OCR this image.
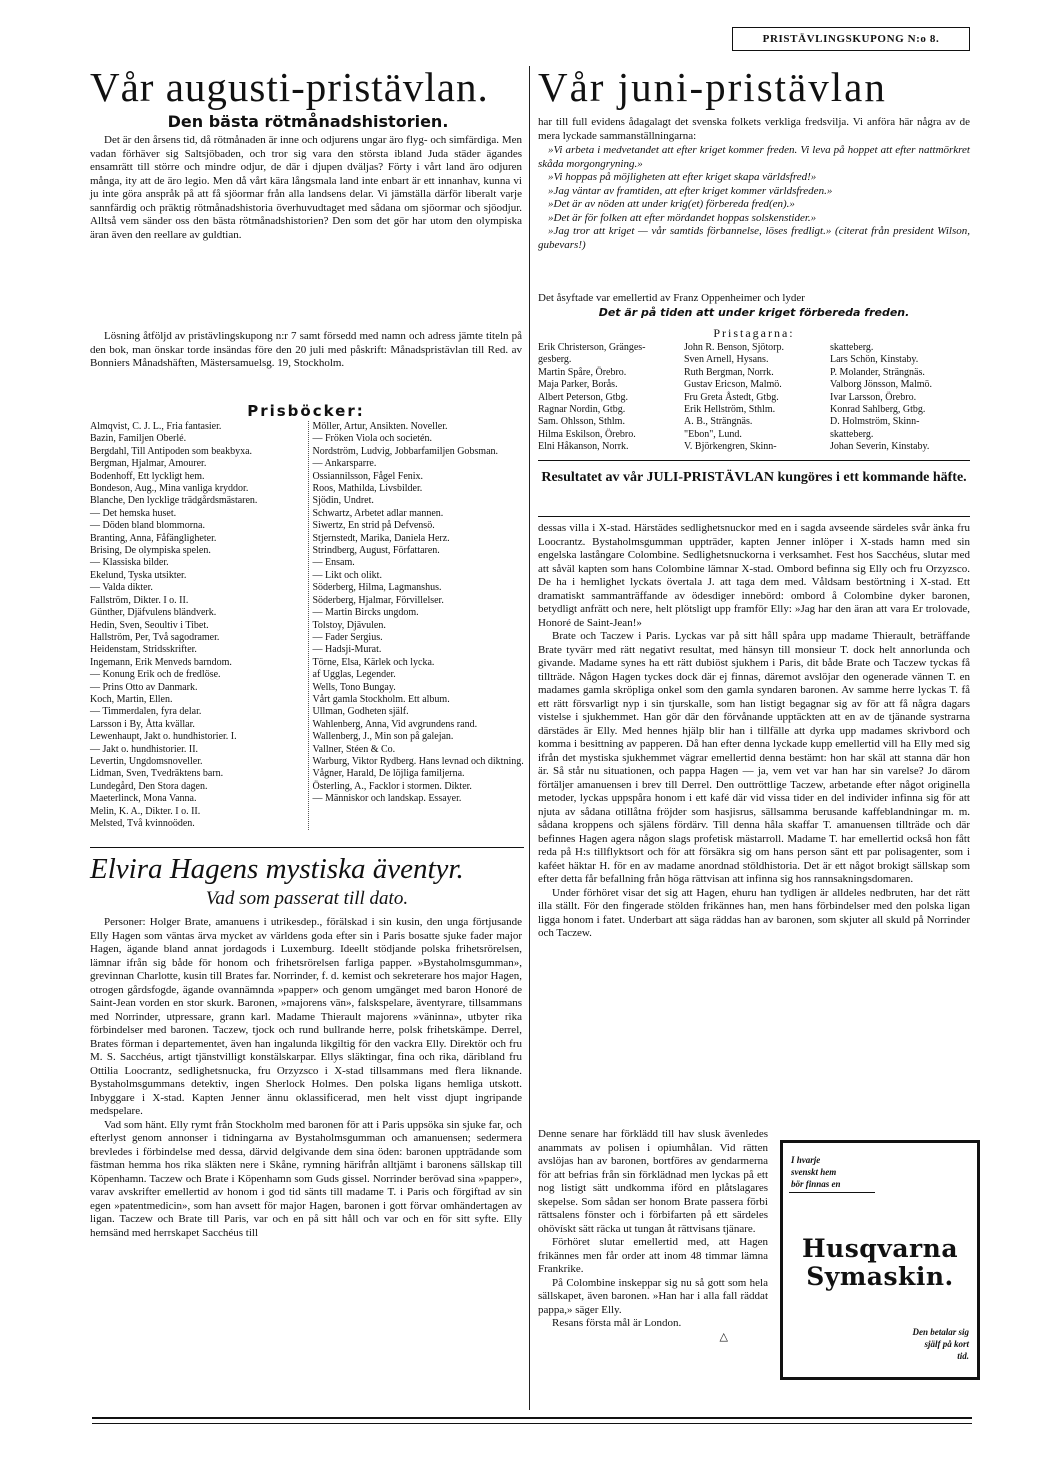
PRISTÄVLINGSKUPONG N:o 8.
Vår augusti-pristävlan.
Den bästa rötmånadshistorien.

Det är den årsens tid, då rötmånaden är inne och odjurens ungar äro flyg- och simfärdiga. Men vadan förhäver sig Saltsjöbaden, och tror sig vara den största ibland Juda städer ägandes ensamrätt till större och mindre odjur, de där i djupen dväljas? Förty i vårt land äro odjuren många, ity att de äro legio. Men då vårt kära långsmala land inte enbart är ett innanhav, kunna vi ju inte göra anspråk på att få sjöormar från alla landsens delar. Vi jämställa därför liberalt varje sannfärdig och präktig rötmånadshistoria överhuvudtaget med sådana om sjöormar och sjöodjur. Alltså vem sänder oss den bästa rötmånadshistorien? Den som det gör har utom den olympiska äran även den reellare av guldtian.

Lösning åtföljd av pristävlingskupong n:r 7 samt försedd med namn och adress jämte titeln på den bok, man önskar torde insändas före den 20 juli med påskrift: Månadspristävlan till Red. av Bonniers Månadshäften, Mästersamuelsg. 19, Stockholm.

Prisböcker:
Almqvist, C. J. L., Fria fantasier.
Bazin, Familjen Oberlé.
Bergdahl, Till Antipoden som beakbyxa.
Bergman, Hjalmar, Amourer.
Bodenhoff, Ett lyckligt hem.
Bondeson, Aug., Mina vanliga kryddor.
Blanche, Den lycklige trädgårdsmästaren.
— Det hemska huset.
— Döden bland blommorna.
Branting, Anna, Fåfängligheter.
Brising, De olympiska spelen.
— Klassiska bilder.
Ekelund, Tyska utsikter.
— Valda dikter.
Fallström, Dikter. I o. II.
Günther, Djäfvulens bländverk.
Hedin, Sven, Seoultiv i Tibet.
Hallström, Per, Två sagodramer.
Heidenstam, Stridsskrifter.
Ingemann, Erik Menveds barndom.
— Konung Erik och de fredlöse.
— Prins Otto av Danmark.
Koch, Martin, Ellen.
— Timmerdalen, fyra delar.
Larsson i By, Åtta kvällar.
Lewenhaupt, Jakt o. hundhistorier. I.
— Jakt o. hundhistorier. II.
Levertin, Ungdomsnoveller.
Lidman, Sven, Tvedräktens barn.
Lundegård, Den Stora dagen.
Maeterlinck, Mona Vanna.
Melin, K. A., Dikter. I o. II.
Melsted, Två kvinnoöden.
Möller, Artur, Ansikten. Noveller.
— Fröken Viola och societén.
Nordström, Ludvig, Jobbarfamiljen Gobsman.
— Ankarsparre.
Ossiannilsson, Fågel Fenix.
Roos, Mathilda, Livsbilder.
Sjödin, Undret.
Schwartz, Arbetet adlar mannen.
Siwertz, En strid på Defvensö.
Stjernstedt, Marika, Daniela Herz.
Strindberg, August, Författaren.
— Ensam.
— Likt och olikt.
Söderberg, Hilma, Lagmanshus.
Söderberg, Hjalmar, Förvillelser.
— Martin Bircks ungdom.
Tolstoy, Djävulen.
— Fader Sergius.
— Hadsji-Murat.
Törne, Elsa, Kärlek och lycka.
af Ugglas, Legender.
Wells, Tono Bungay.
Vårt gamla Stockholm. Ett album.
Ullman, Godheten själf.
Wahlenberg, Anna, Vid avgrundens rand.
Wallenberg, J., Min son på galejan.
Vallner, Stéen & Co.
Warburg, Viktor Rydberg. Hans levnad och diktning.
Vågner, Harald, De löjliga familjerna.
Österling, A., Facklor i stormen. Dikter.
— Människor och landskap. Essayer.
Elvira Hagens mystiska äventyr.
Vad som passerat till dato.

Personer: Holger Brate, amanuens i utrikesdep., förälskad i sin kusin, den unga förtjusande Elly Hagen som väntas ärva mycket av världens goda efter sin i Paris bosatte sjuke fader major Hagen, ägande bland annat jordagods i Luxemburg. Ideellt stödjande polska frihetsrörelsen, lämnar ifrån sig både för honom och frihetsrörelsen farliga papper. »Bystaholmsgumman», grevinnan Charlotte, kusin till Brates far. Norrinder, f. d. kemist och sekreterare hos major Hagen, otrogen gårdsfogde, ägande ovannämnda »papper» och genom umgänget med baron Honoré de Saint-Jean vorden en stor skurk. Baronen, »majorens vän», falskspelare, äventyrare, tillsammans med Norrinder, utpressare, grann karl. Madame Thierault majorens »väninna», utbyter rika förbindelser med baronen. Taczew, tjock och rund bullrande herre, polsk frihetskämpe. Derrel, Brates förman i departementet, även han ingalunda likgiltig för den vackra Elly. Direktör och fru M. S. Sacchéus, artigt tjänstvilligt konstälskarpar. Ellys släktingar, fina och rika, däribland fru Ottilia Loocrantz, sedlighetsnucka, fru Orzyzsco i X-stad tillsammans med flera liknande. Bystaholmsgummans detektiv, ingen Sherlock Holmes. Den polska ligans hemliga utskott. Inbyggare i X-stad. Kapten Jenner ännu oklassificerad, men helt visst djupt ingripande medspelare.

Vad som hänt. Elly rymt från Stockholm med baronen för att i Paris uppsöka sin sjuke far, och efterlyst genom annonser i tidningarna av Bystaholmsgumman och amanuensen; sedermera brevledes i förbindelse med dessa, därvid delgivande dem sina öden: baronen uppträdande som fästman hemma hos rika släkten nere i Skåne, rymning härifrån alltjämt i baronens sällskap till Köpenhamn. Taczew och Brate i Köpenhamn som Guds gissel. Norrinder berövad sina »papper», varav avskrifter emellertid av honom i god tid sänts till madame T. i Paris och förgiftad av sin egen »patentmedicin», som han avsett för major Hagen, baronen i gott förvar omhändertagen av ligan. Taczew och Brate till Paris, var och en på sitt håll och var och en för sitt syfte. Elly hemsänd med herrskapet Sacchéus till

Vår juni-pristävlan

har till full evidens ådagalagt det svenska folkets verkliga fredsvilja. Vi anföra här några av de mera lyckade sammanställningarna:

»Vi arbeta i medvetandet att efter kriget kommer freden. Vi leva på hoppet att efter nattmörkret skåda morgongryning.»

»Vi hoppas på möjligheten att efter kriget skapa världsfred!»

»Jag väntar av framtiden, att efter kriget kommer världsfreden.»

»Det är av nöden att under krig(et) förbereda fred(en).»

»Det är för folken att efter mördandet hoppas solskenstider.»

»Jag tror att kriget — vår samtids förbannelse, löses fredligt.» (citerat från president Wilson, gubevars!)

Det åsyftade var emellertid av Franz Oppenheimer och lyder

Det är på tiden att under kriget förbereda freden.
Pristagarna:
Erik Christerson, Gränges-
gesberg.
Martin Spåre, Örebro.
Maja Parker, Borås.
Albert Peterson, Gtbg.
Ragnar Nordin, Gtbg.
Sam. Ohlsson, Sthlm.
Hilma Eskilson, Örebro.
Elni Håkanson, Norrk.
John R. Benson, Sjötorp.
Sven Arnell, Hysans.
Ruth Bergman, Norrk.
Gustav Ericson, Malmö.
Fru Greta Åstedt, Gtbg.
Erik Hellström, Sthlm.
A. B., Strängnäs.
"Ebon", Lund.
V. Björkengren, Skinn-
skatteberg.
Lars Schön, Kinstaby.
P. Molander, Strängnäs.
Valborg Jönsson, Malmö.
Ivar Larsson, Örebro.
Konrad Sahlberg, Gtbg.
D. Holmström, Skinn-
skatteberg.
Johan Severin, Kinstaby.
Resultatet av vår JULI-PRISTÄVLAN kungöres i ett kommande häfte.

dessas villa i X-stad. Härstädes sedlighetsnuckor med en i sagda avseende särdeles svår änka fru Loocrantz. Bystaholmsgumman uppträder, kapten Jenner inlöper i X-stads hamn med sin engelska lastångare Colombine. Sedlighetsnuckorna i verksamhet. Fest hos Sacchéus, slutar med att såväl kapten som hans Colombine lämnar X-stad. Ombord befinna sig Elly och fru Orzyzsco. De ha i hemlighet lyckats övertala J. att taga dem med. Våldsam bestörtning i X-stad. Ett dramatiskt sammanträffande av ödesdiger innebörd: ombord å Colombine dyker baronen, betydligt anfrätt och nere, helt plötsligt upp framför Elly: »Jag har den äran att vara Er trolovade, Honoré de Saint-Jean!»

Brate och Taczew i Paris. Lyckas var på sitt håll spåra upp madame Thierault, beträffande Brate tyvärr med rätt negativt resultat, med hänsyn till monsieur T. dock helt annorlunda och givande. Madame synes ha ett rätt dubiöst sjukhem i Paris, dit både Brate och Taczew tyckas få tillträde. Någon Hagen tyckes dock där ej finnas, däremot avslöjar den ogenerade vännen T. en madames gamla skröpliga onkel som den gamla syndaren baronen. Av samme herre lyckas T. få ett rätt försvarligt nyp i sin tjurskalle, som han listigt begagnar sig av för att få några dagars vistelse i sjukhemmet. Han gör där den förvånande upptäckten att en av de tjänande systrarna därstädes är Elly. Med hennes hjälp blir han i tillfälle att dyrka upp madames skrivbord och komma i besittning av papperen. Då han efter denna lyckade kupp emellertid vill ha Elly med sig ifrån det mystiska sjukhemmet vägrar emellertid denna bestämt: hon har skäl att stanna där hon är. Så står nu situationen, och pappa Hagen — ja, vem vet var han har sin varelse? Jo därom förtäljer amanuensen i brev till Derrel. Den outtröttlige Taczew, arbetande efter något originella metoder, lyckas uppspåra honom i ett kafé där vid vissa tider en del individer infinna sig för att njuta av sådana otillåtna fröjder som hasjisrus, sällsamma berusande kaffeblandningar m. m. sådana kroppens och själens fördärv. Till denna håla skaffar T. amanuensen tillträde och där befinnes Hagen agera någon slags profetisk mästarroll. Madame T. har emellertid också hon fått reda på H:s tillflyktsort och för att försäkra sig om hans person sänt ett par polisagenter, som i kaféet häktar H. för en av madame anordnad stöldhistoria. Det är ett något brokigt sällskap som efter detta får befallning från höga rättvisan att infinna sig hos rannsakningsdomaren.

Under förhöret visar det sig att Hagen, ehuru han tydligen är alldeles nedbruten, har det rätt illa ställt. För den fingerade stölden frikännes han, men hans förbindelser med den polska ligan ligga honom i fatet. Underbart att säga räddas han av baronen, som skjuter all skuld på Norrinder och Taczew.

Denne senare har förklädd till hav slusk ävenledes anammats av polisen i opiumhålan. Vid rätten avslöjas han av baronen, bortföres av gendarmerna för att befrias från sin förklädnad men lyckas på ett nog listigt sätt undkomma iförd en plåtslagares skepelse. Som sådan ser honom Brate passera förbi rättsalens fönster och i förbifarten på ett särdeles ohövískt sätt räcka ut tungan åt rättvisans tjänare.

Förhöret slutar emellertid med, att Hagen frikännes men får order att inom 48 timmar lämna Frankrike.

På Colombine inskeppar sig nu så gott som hela sällskapet, även baronen. »Han har i alla fall räddat pappa,» säger Elly.

Resans första mål är London.

△
I hvarje
svenskt hem
bör finnas en
Husqvarna
Symaskin.
Den betalar sig
själf på kort
tid.
